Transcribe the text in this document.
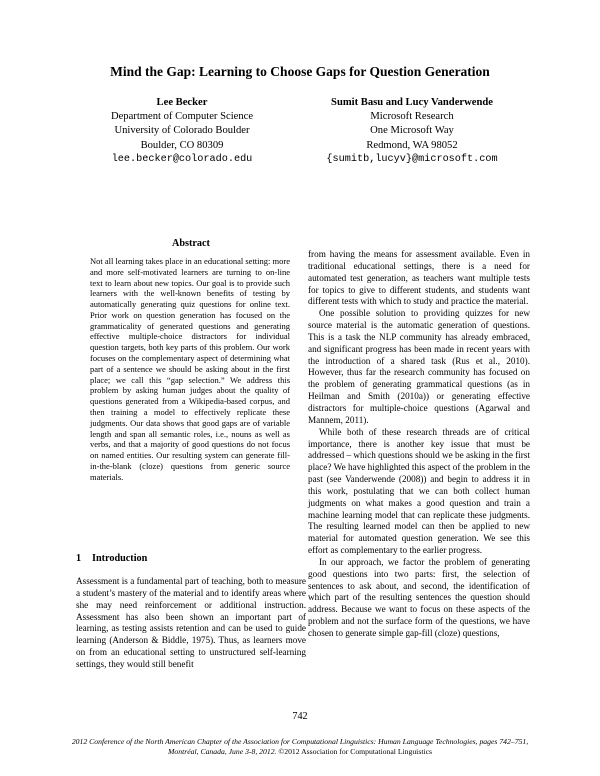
Mind the Gap: Learning to Choose Gaps for Question Generation
Lee Becker
Department of Computer Science
University of Colorado Boulder
Boulder, CO 80309
lee.becker@colorado.edu
Sumit Basu and Lucy Vanderwende
Microsoft Research
One Microsoft Way
Redmond, WA 98052
{sumitb,lucyv}@microsoft.com
Abstract

Not all learning takes place in an educational setting: more and more self-motivated learners are turning to on-line text to learn about new topics. Our goal is to provide such learners with the well-known benefits of testing by automatically generating quiz questions for online text. Prior work on question generation has focused on the grammaticality of generated questions and generating effective multiple-choice distractors for individual question targets, both key parts of this problem. Our work focuses on the complementary aspect of determining what part of a sentence we should be asking about in the first place; we call this “gap selection.” We address this problem by asking human judges about the quality of questions generated from a Wikipedia-based corpus, and then training a model to effectively replicate these judgments. Our data shows that good gaps are of variable length and span all semantic roles, i.e., nouns as well as verbs, and that a majority of good questions do not focus on named entities. Our resulting system can generate fill-in-the-blank (cloze) questions from generic source materials.

1 Introduction

Assessment is a fundamental part of teaching, both to measure a student’s mastery of the material and to identify areas where she may need reinforcement or additional instruction. Assessment has also been shown an important part of learning, as testing assists retention and can be used to guide learning (Anderson & Biddle, 1975). Thus, as learners move on from an educational setting to unstructured self-learning settings, they would still benefit

from having the means for assessment available. Even in traditional educational settings, there is a need for automated test generation, as teachers want multiple tests for topics to give to different students, and students want different tests with which to study and practice the material.

One possible solution to providing quizzes for new source material is the automatic generation of questions. This is a task the NLP community has already embraced, and significant progress has been made in recent years with the introduction of a shared task (Rus et al., 2010). However, thus far the research community has focused on the problem of generating grammatical questions (as in Heilman and Smith (2010a)) or generating effective distractors for multiple-choice questions (Agarwal and Mannem, 2011).

While both of these research threads are of critical importance, there is another key issue that must be addressed – which questions should we be asking in the first place? We have highlighted this aspect of the problem in the past (see Vanderwende (2008)) and begin to address it in this work, postulating that we can both collect human judgments on what makes a good question and train a machine learning model that can replicate these judgments. The resulting learned model can then be applied to new material for automated question generation. We see this effort as complementary to the earlier progress.

In our approach, we factor the problem of generating good questions into two parts: first, the selection of sentences to ask about, and second, the identification of which part of the resulting sentences the question should address. Because we want to focus on these aspects of the problem and not the surface form of the questions, we have chosen to generate simple gap-fill (cloze) questions,

742
2012 Conference of the North American Chapter of the Association for Computational Linguistics: Human Language Technologies, pages 742–751,
Montréal, Canada, June 3-8, 2012. ©2012 Association for Computational Linguistics
